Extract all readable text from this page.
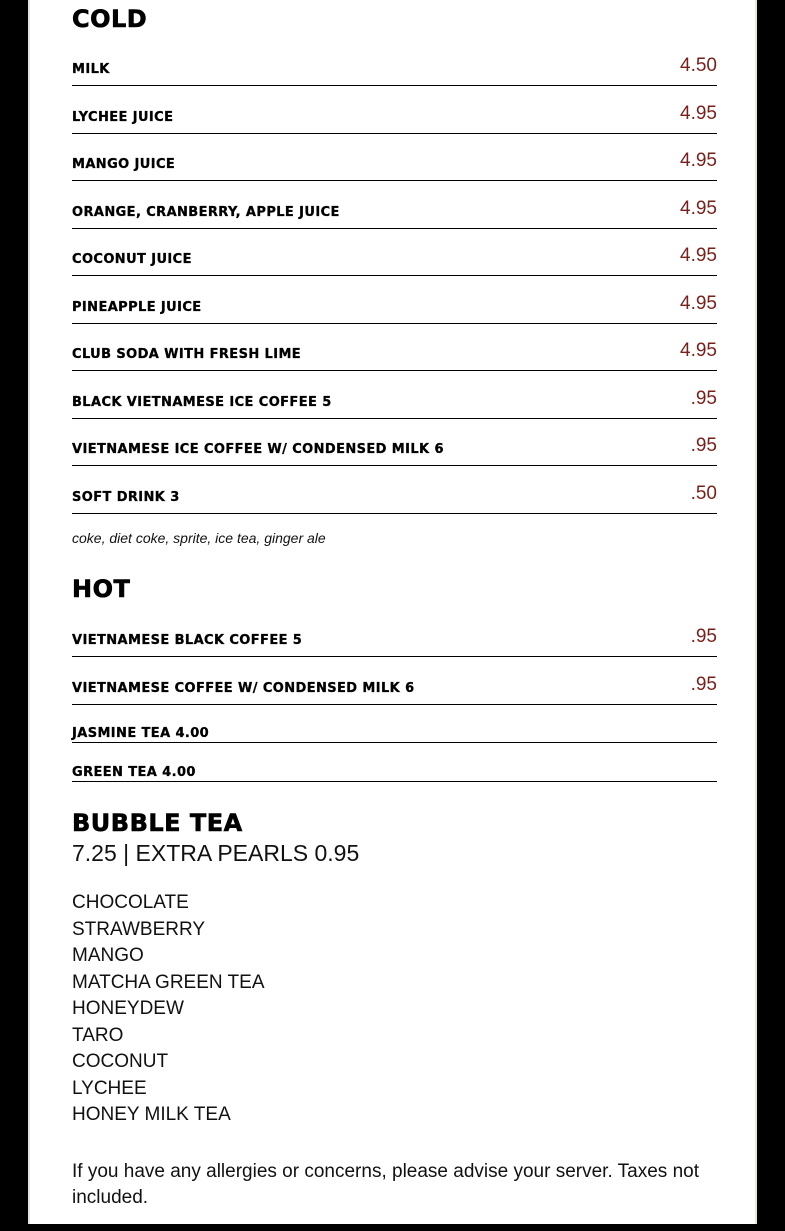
COLD
MILK	4.50
LYCHEE JUICE	4.95
MANGO JUICE	4.95
ORANGE, CRANBERRY, APPLE JUICE	4.95
COCONUT JUICE	4.95
PINEAPPLE JUICE	4.95
CLUB SODA WITH FRESH LIME	4.95
BLACK VIETNAMESE ICE COFFEE 5	.95
VIETNAMESE ICE COFFEE W/ CONDENSED MILK 6	.95
SOFT DRINK 3	.50
coke, diet coke, sprite, ice tea, ginger ale
HOT
VIETNAMESE BLACK COFFEE 5	.95
VIETNAMESE COFFEE W/ CONDENSED MILK 6	.95
JASMINE TEA 4.00
GREEN TEA 4.00
BUBBLE TEA
7.25 | EXTRA PEARLS 0.95
CHOCOLATE
STRAWBERRY
MANGO
MATCHA GREEN TEA
HONEYDEW
TARO
COCONUT
LYCHEE
HONEY MILK TEA
If you have any allergies or concerns, please advise your server. Taxes not included.
